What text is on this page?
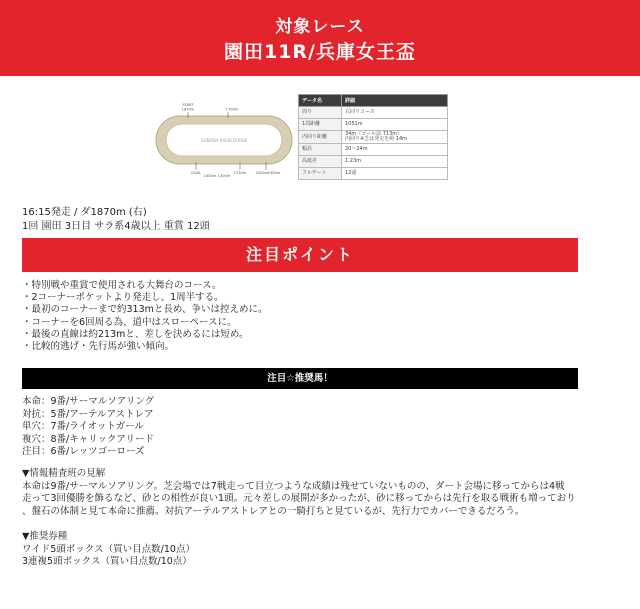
対象レース
園田11R/兵庫女王盃
SONODA RACECOURSE
START
1870m	1700m
GOAL
1400m 1300m
1230m	2400m 2400m
データ名	詳細
周り	右回りコース
1周距離	1051m
内回り距離	34m（ゴール前 713m）
内回り※芝は発走を約 14m

幅員	20〜24m
高低差	1.23m
フルゲート	12頭
16:15発走 / ダ1870m (右)
1回 園田 3日目 サラ系4歳以上 重賞 12頭
注目ポイント
・ 特別戦や重賞で使用される大舞台のコース。
・ 2コーナーポケットより発走し、1周半する。
・ 最初のコーナーまで約313mと長め、争いは控えめに。
・ コーナーを6回周る為、道中はスローペースに。
・ 最後の直線は約213mと、差しを決めるには短め。
・ 比較的逃げ・先行馬が強い傾向。
注目☆推奨馬！
本命：9番/サーマルソアリング
対抗：5番/アーテルアストレア
単穴：7番/ライオットガール
複穴：8番/キャリックアリード
注目：6番/レッツゴーローズ
▼情報精査班の見解
本命は9番/サーマルソアリング。芝会場では7戦走って目立つような成績は残せていないものの、ダート会場に移ってからは4戦
走って3回優勝を飾るなど、砂との相性が良い1頭。元々差しの展開が多かったが、砂に移ってからは先行を取る戦術も増っており
、盤石の体制と見て本命に推薦。対抗アーテルアストレアとの一騎打ちと見ているが、先行力でカバーできるだろう。
▼推奨券種
ワイド5頭ボックス（買い目点数/10点）
3連複5頭ボックス（買い目点数/10点）
